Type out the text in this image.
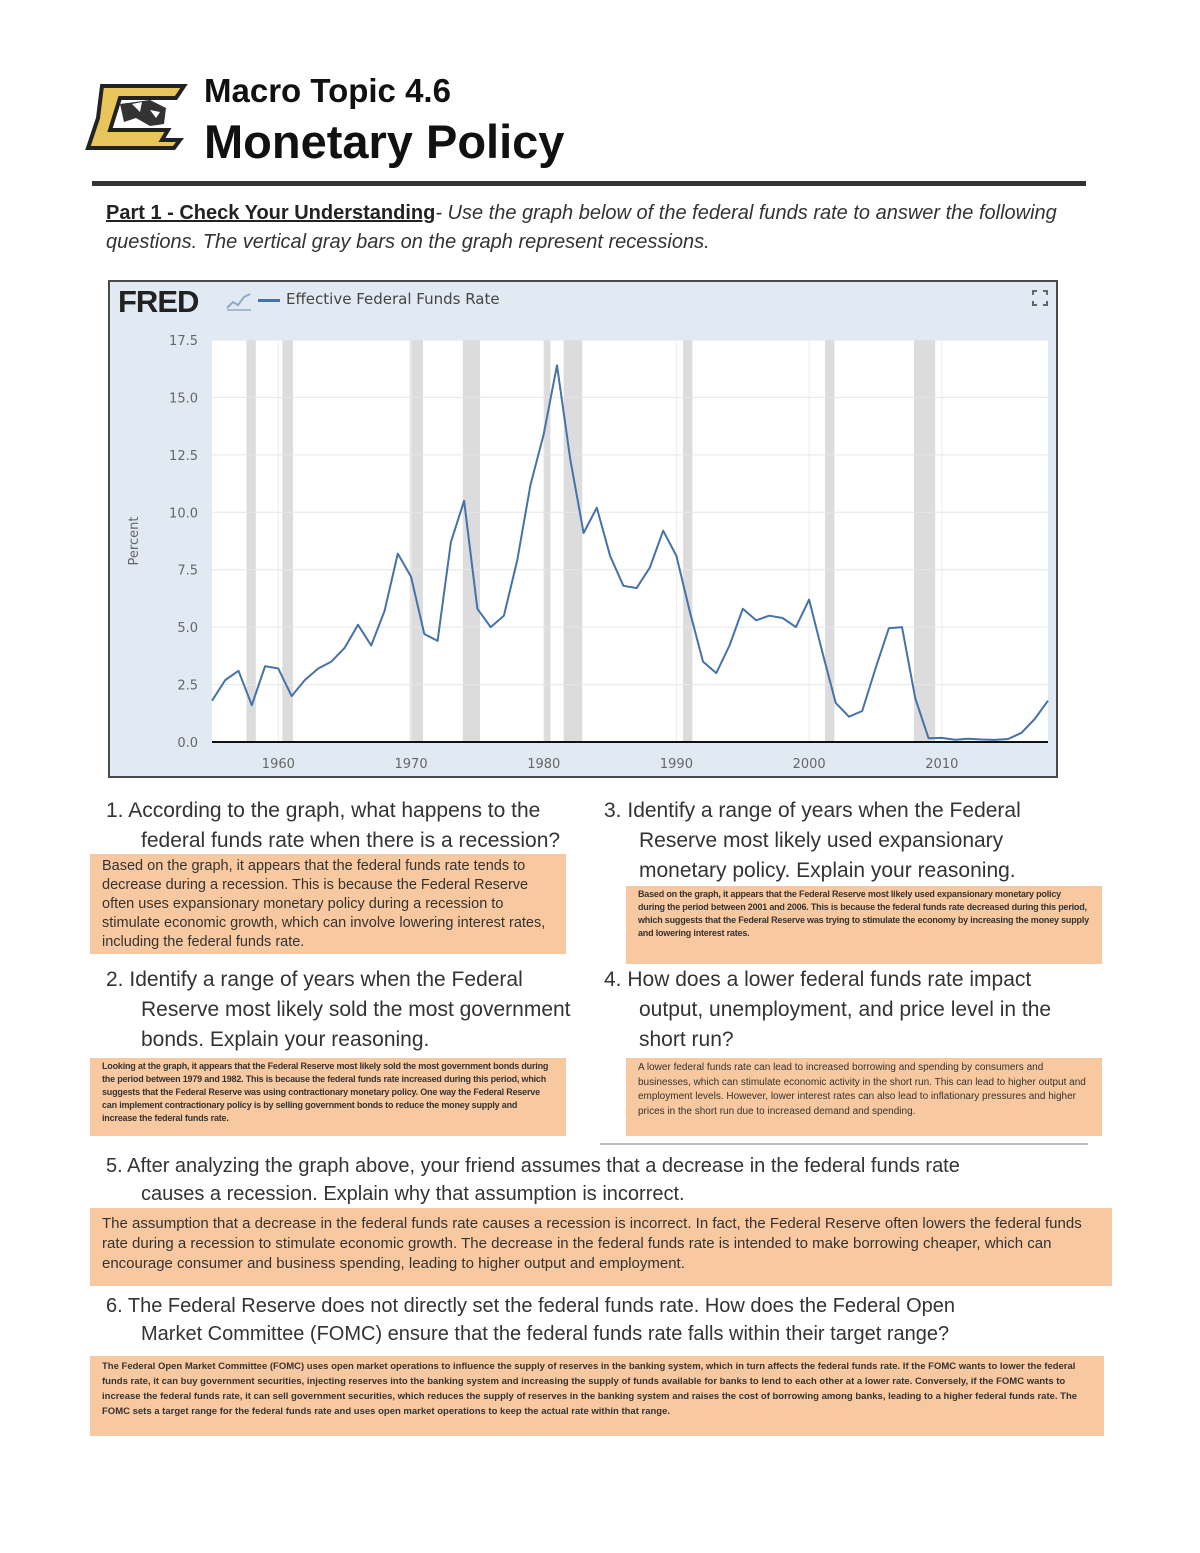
Macro Topic 4.6
Monetary Policy
Part 1 - Check Your Understanding- Use the graph below of the federal funds rate to answer the following questions. The vertical gray bars on the graph represent recessions.
FRED	Effective Federal Funds Rate
0.0
2.5
5.0
7.5
10.0
12.5
15.0
17.5
1960	1970	1980	1990	2000	2010
Percent
1. According to the graph, what happens to the
federal funds rate when there is a recession?
Based on the graph, it appears that the federal funds rate tends to decrease during a recession. This is because the Federal Reserve often uses expansionary monetary policy during a recession to stimulate economic growth, which can involve lowering interest rates, including the federal funds rate.
2. Identify a range of years when the Federal
Reserve most likely sold the most government
bonds. Explain your reasoning.
Looking at the graph, it appears that the Federal Reserve most likely sold the most government bonds during the period between 1979 and 1982. This is because the federal funds rate increased during this period, which suggests that the Federal Reserve was using contractionary monetary policy. One way the Federal Reserve can implement contractionary policy is by selling government bonds to reduce the money supply and increase the federal funds rate.
3. Identify a range of years when the Federal
Reserve most likely used expansionary
monetary policy. Explain your reasoning.
Based on the graph, it appears that the Federal Reserve most likely used expansionary monetary policy during the period between 2001 and 2006. This is because the federal funds rate decreased during this period, which suggests that the Federal Reserve was trying to stimulate the economy by increasing the money supply and lowering interest rates.
4. How does a lower federal funds rate impact
output, unemployment, and price level in the
short run?
A lower federal funds rate can lead to increased borrowing and spending by consumers and businesses, which can stimulate economic activity in the short run. This can lead to higher output and employment levels. However, lower interest rates can also lead to inflationary pressures and higher prices in the short run due to increased demand and spending.
5. After analyzing the graph above, your friend assumes that a decrease in the federal funds rate
causes a recession. Explain why that assumption is incorrect.
The assumption that a decrease in the federal funds rate causes a recession is incorrect. In fact, the Federal Reserve often lowers the federal funds rate during a recession to stimulate economic growth. The decrease in the federal funds rate is intended to make borrowing cheaper, which can encourage consumer and business spending, leading to higher output and employment.
6. The Federal Reserve does not directly set the federal funds rate. How does the Federal Open
Market Committee (FOMC) ensure that the federal funds rate falls within their target range?
The Federal Open Market Committee (FOMC) uses open market operations to influence the supply of reserves in the banking system, which in turn affects the federal funds rate. If the FOMC wants to lower the federal funds rate, it can buy government securities, injecting reserves into the banking system and increasing the supply of funds available for banks to lend to each other at a lower rate. Conversely, if the FOMC wants to increase the federal funds rate, it can sell government securities, which reduces the supply of reserves in the banking system and raises the cost of borrowing among banks, leading to a higher federal funds rate. The FOMC sets a target range for the federal funds rate and uses open market operations to keep the actual rate within that range.
